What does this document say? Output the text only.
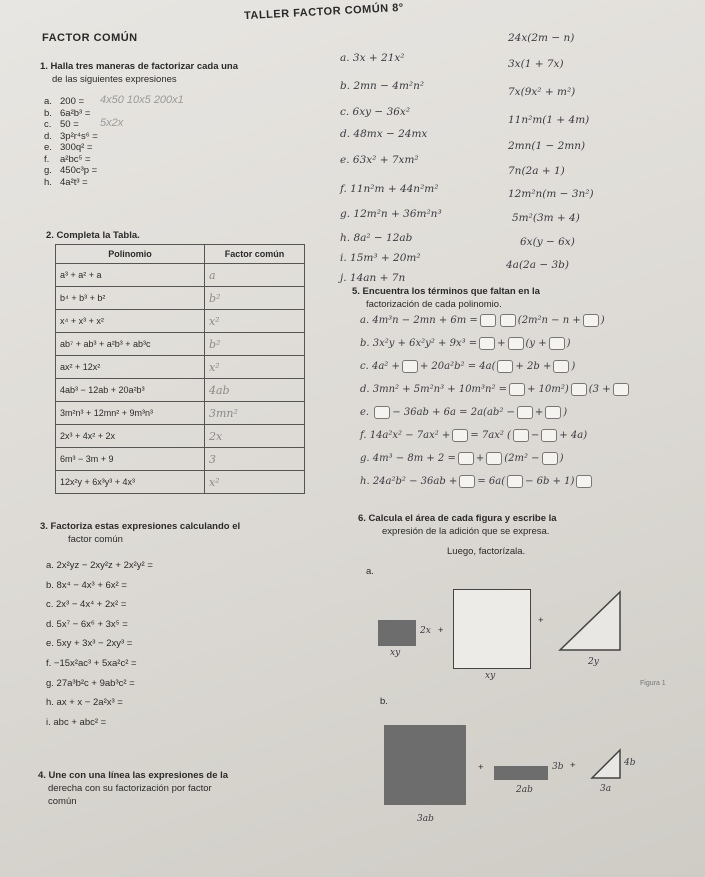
TALLER FACTOR COMÚN 8°
FACTOR COMÚN
1. Halla tres maneras de factorizar cada una
de las siguientes expresiones
a. 200 = 4x50 10x5 200x1
b. 6a²b³ =
c. 50 = 5x2x
d. 3p²r⁴s⁶ =
e. 300q² =
f. a²bc⁵ =
g. 450c³p =
h. 4a²t³ =
a. 3x + 21x²
b. 2mn − 4m²n²
c. 6xy − 36x²
d. 48mx − 24mx
e. 63x² + 7xm²
f. 11n²m + 44n²m²
g. 12m²n + 36m²n³
h. 8a² − 12ab
i. 15m³ + 20m²
j. 14an + 7n
24x(2m − n)
3x(1 + 7x)
7x(9x² + m²)
11n²m(1 + 4m)
2mn(1 − 2mn)
7n(2a + 1)
12m²n(m − 3n²)
5m²(3m + 4)
6x(y − 6x)
4a(2a − 3b)
2. Completa la Tabla.
Polinomio	Factor común
a³ + a² + a	a
b⁴ + b³ + b²	b²
x⁴ + x³ + x²	x²
ab⁷ + ab³ + a²b³ + ab³c	b²
ax² + 12x²	x²
4ab³ − 12ab + 20a²b³	4ab
3m²n³ + 12mn² + 9m³n³	3mn²
2x³ + 4x² + 2x	2x
6m³ − 3m + 9	3
12x²y + 6x³y³ + 4x³	x²
5. Encuentra los términos que faltan en la
factorización de cada polinomio.
a. 4m³n − 2mn + 6m =	(2m²n − n + )
b. 3x²y + 6x²y² + 9x³ = + (y + )
c. 4a² + + 20a²b² = 4a( + 2b + )
d. 3mn² + 5m²n³ + 10m³n² = + 10m²) (3 +
e. − 36ab + 6a = 2a(ab² − + )
f. 14a²x² − 7ax² + = 7ax² ( − + 4a)
g. 4m³ − 8m + 2 = + (2m² − )
h. 24a²b² − 36ab + = 6a( − 6b + 1)
3. Factoriza estas expresiones calculando el
factor común
a. 2x²yz − 2xy²z + 2x²y² =
b. 8x⁴ − 4x³ + 6x² =
c. 2x³ − 4x⁴ + 2x² =
d. 5x⁷ − 6x⁶ + 3x⁵ =
e. 5xy + 3x³ − 2xy³ =
f. −15x²ac³ + 5xa²c² =
g. 27a³b²c + 9ab³c² =
h. ax + x − 2a²x³ =
i. abc + abc² =
4. Une con una línea las expresiones de la
derecha con su factorización por factor
común
6. Calcula el área de cada figura y escribe la
expresión de la adición que se expresa.
Luego, factorízala.
a.
2x
xy
+
xy
+
2y
Figura 1
b.
3ab
+	3b
2ab
+	4b
3a
